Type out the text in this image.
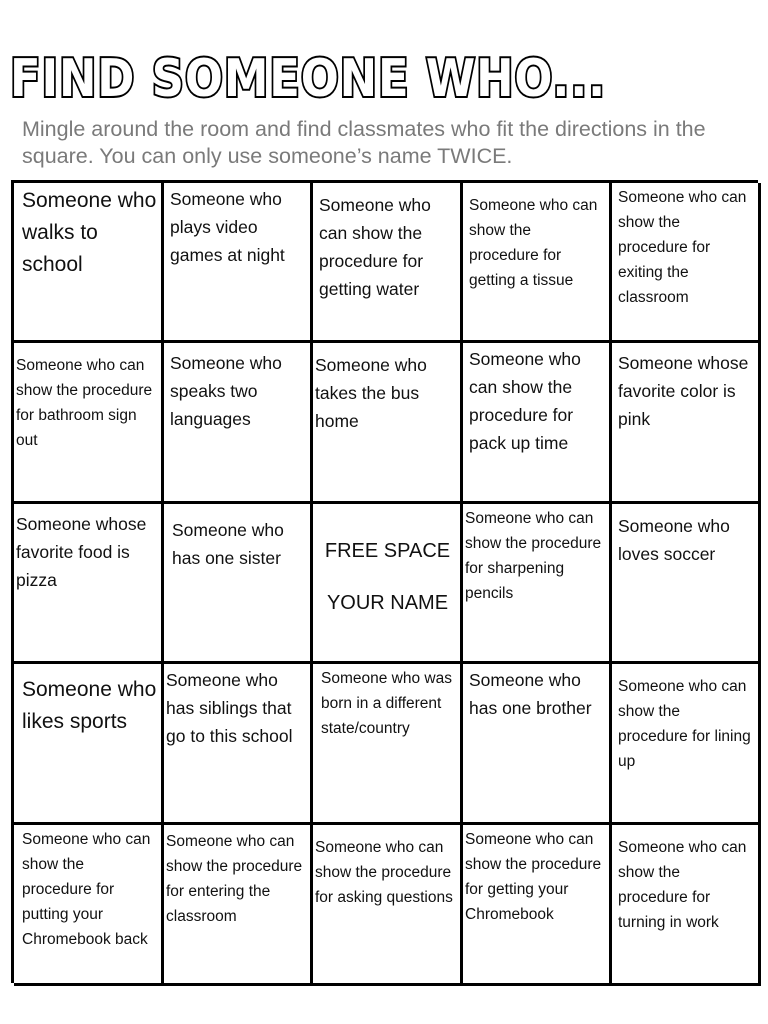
FIND SOMEONE WHO...
Mingle around the room and find classmates who fit the directions in the square. You can only use someone’s name TWICE.
Someone who walks to school
Someone who plays video games at night
Someone who can show the procedure for getting water
Someone who can show the procedure for getting a tissue
Someone who can show the procedure for exiting the classroom
Someone who can show the procedure for bathroom sign out
Someone who speaks two languages
Someone who takes the bus home
Someone who can show the procedure for pack up time
Someone whose favorite color is pink
Someone whose favorite food is pizza
Someone who has one sister	FREE SPACE
YOUR NAME
Someone who can show the procedure for sharpening pencils
Someone who loves soccer
Someone who likes sports
Someone who has siblings that go to this school
Someone who was born in a different state/country
Someone who has one brother
Someone who can show the procedure for lining up
Someone who can show the procedure for putting your Chromebook back
Someone who can show the procedure for entering the classroom
Someone who can show the procedure for asking questions
Someone who can show the procedure for getting your Chromebook
Someone who can show the procedure for turning in work
